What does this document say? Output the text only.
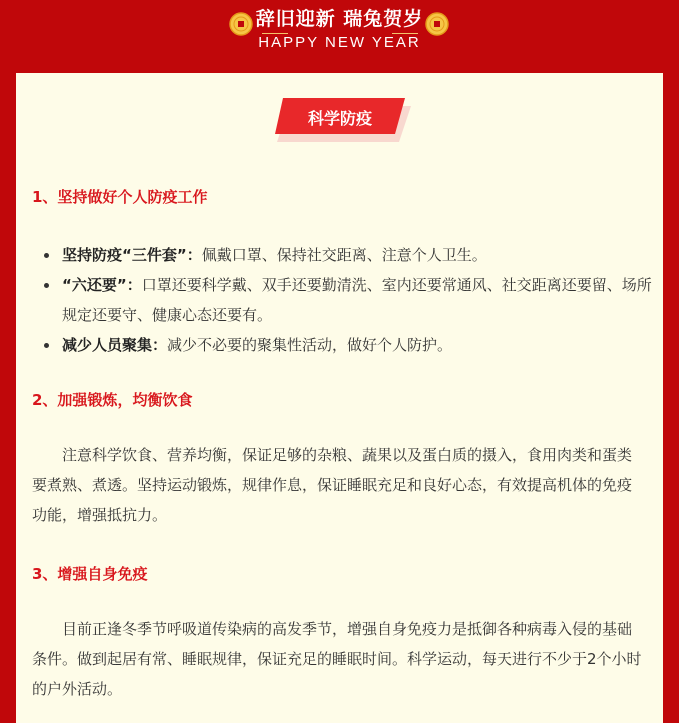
辞旧迎新 瑞兔贺岁
HAPPY NEW YEAR
科学防疫
1、坚持做好个人防疫工作
坚持防疫“三件套”：佩戴口罩、保持社交距离、注意个人卫生。
“六还要”：口罩还要科学戴、双手还要勤清洗、室内还要常通风、社交距离还要留、场所规定还要守、健康心态还要有。
减少人员聚集：减少不必要的聚集性活动，做好个人防护。
2、加强锻炼，均衡饮食

注意科学饮食、营养均衡，保证足够的杂粮、蔬果以及蛋白质的摄入，食用肉类和蛋类要煮熟、煮透。坚持运动锻炼，规律作息，保证睡眠充足和良好心态，有效提高机体的免疫功能，增强抵抗力。

3、增强自身免疫

目前正逢冬季节呼吸道传染病的高发季节，增强自身免疫力是抵御各种病毒入侵的基础条件。做到起居有常、睡眠规律，保证充足的睡眠时间。科学运动，每天进行不少于2个小时的户外活动。
